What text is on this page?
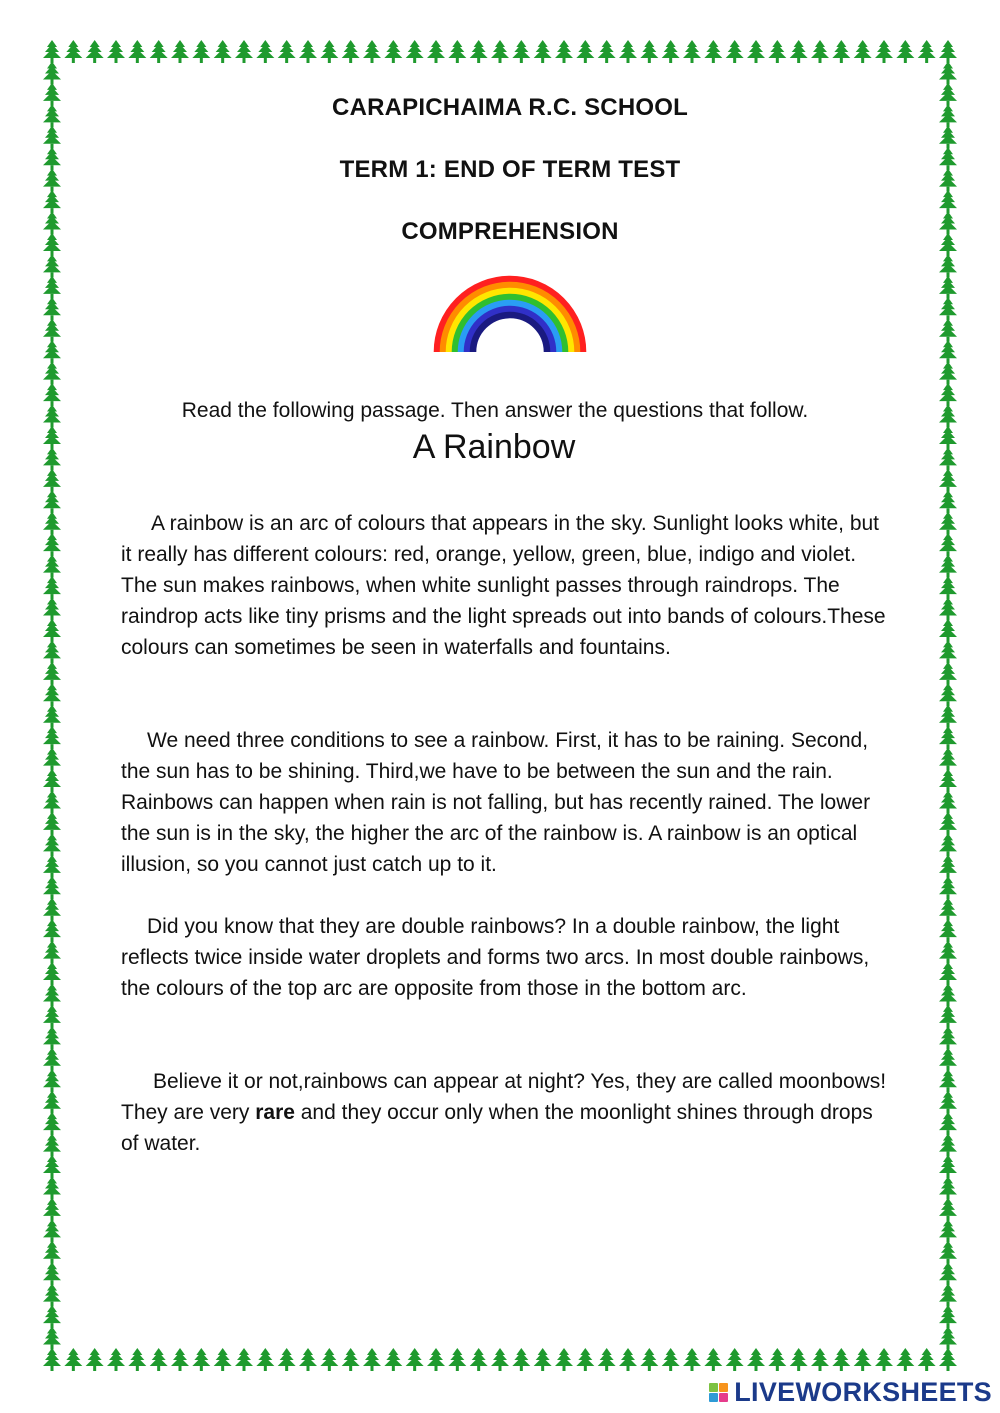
CARAPICHAIMA R.C. SCHOOL
TERM 1: END OF TERM TEST
COMPREHENSION
Read the following passage. Then answer the questions that follow.
A Rainbow

A rainbow is an arc of colours that appears in the sky. Sunlight looks white, but it really has different colours: red, orange, yellow, green, blue, indigo and violet. The sun makes rainbows, when white sunlight passes through raindrops. The raindrop acts like tiny prisms and the light spreads out into bands of colours.These colours can sometimes be seen in waterfalls and fountains.

We need three conditions to see a rainbow. First, it has to be raining. Second, the sun has to be shining. Third,we have to be between the sun and the rain. Rainbows can happen when rain is not falling, but has recently rained. The lower the sun is in the sky, the higher the arc of the rainbow is. A rainbow is an optical illusion, so you cannot just catch up to it.

Did you know that they are double rainbows? In a double rainbow, the light reflects twice inside water droplets and forms two arcs. In most double rainbows, the colours of the top arc are opposite from those in the bottom arc.

Believe it or not,rainbows can appear at night? Yes, they are called moonbows! They are very rare and they occur only when the moonlight shines through drops of water.

LIVEWORKSHEETS
